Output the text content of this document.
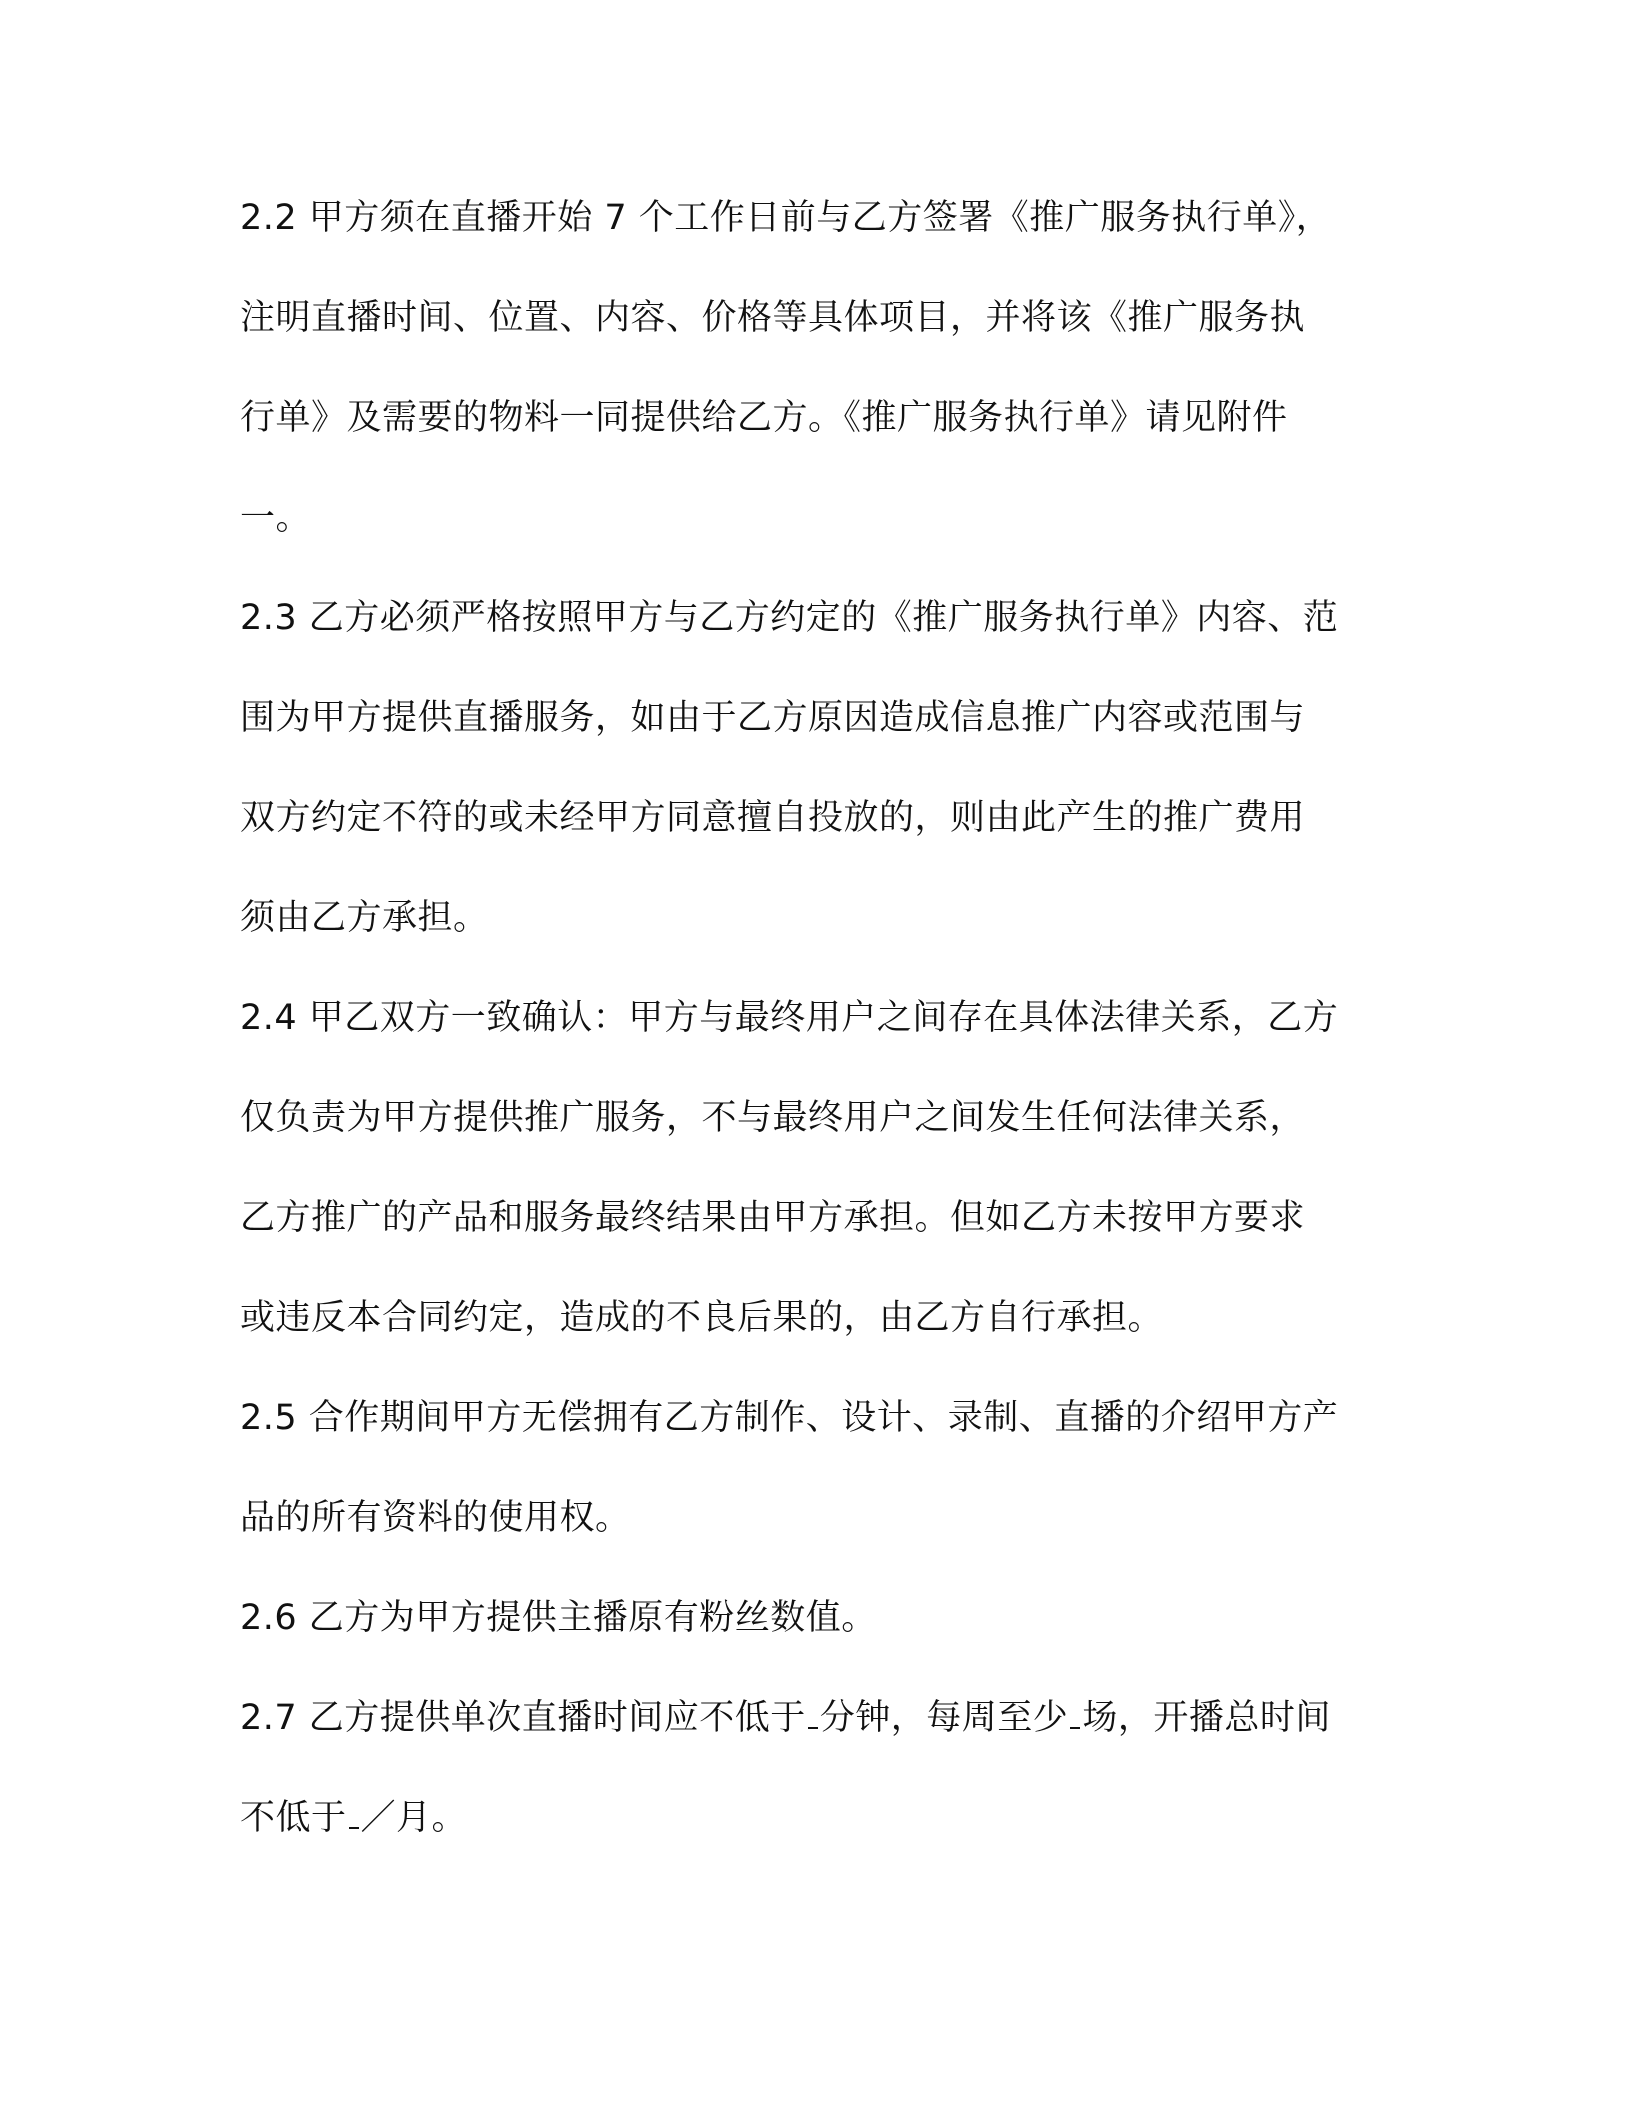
2.2 甲方须在直播开始 7 个工作日前与乙方签署《推广服务执行单》，
注明直播时间、位置、内容、价格等具体项目，并将该《推广服务执
行单》及需要的物料一同提供给乙方。《推广服务执行单》请见附件
一。
2.3 乙方必须严格按照甲方与乙方约定的《推广服务执行单》内容、范
围为甲方提供直播服务，如由于乙方原因造成信息推广内容或范围与
双方约定不符的或未经甲方同意擅自投放的，则由此产生的推广费用
须由乙方承担。
2.4 甲乙双方一致确认：甲方与最终用户之间存在具体法律关系，乙方
仅负责为甲方提供推广服务，不与最终用户之间发生任何法律关系，
乙方推广的产品和服务最终结果由甲方承担。但如乙方未按甲方要求
或违反本合同约定，造成的不良后果的，由乙方自行承担。
2.5 合作期间甲方无偿拥有乙方制作、设计、录制、直播的介绍甲方产
品的所有资料的使用权。
2.6 乙方为甲方提供主播原有粉丝数值。
2.7 乙方提供单次直播时间应不低于 分钟，每周至少 场，开播总时间
不低于 ／月。
